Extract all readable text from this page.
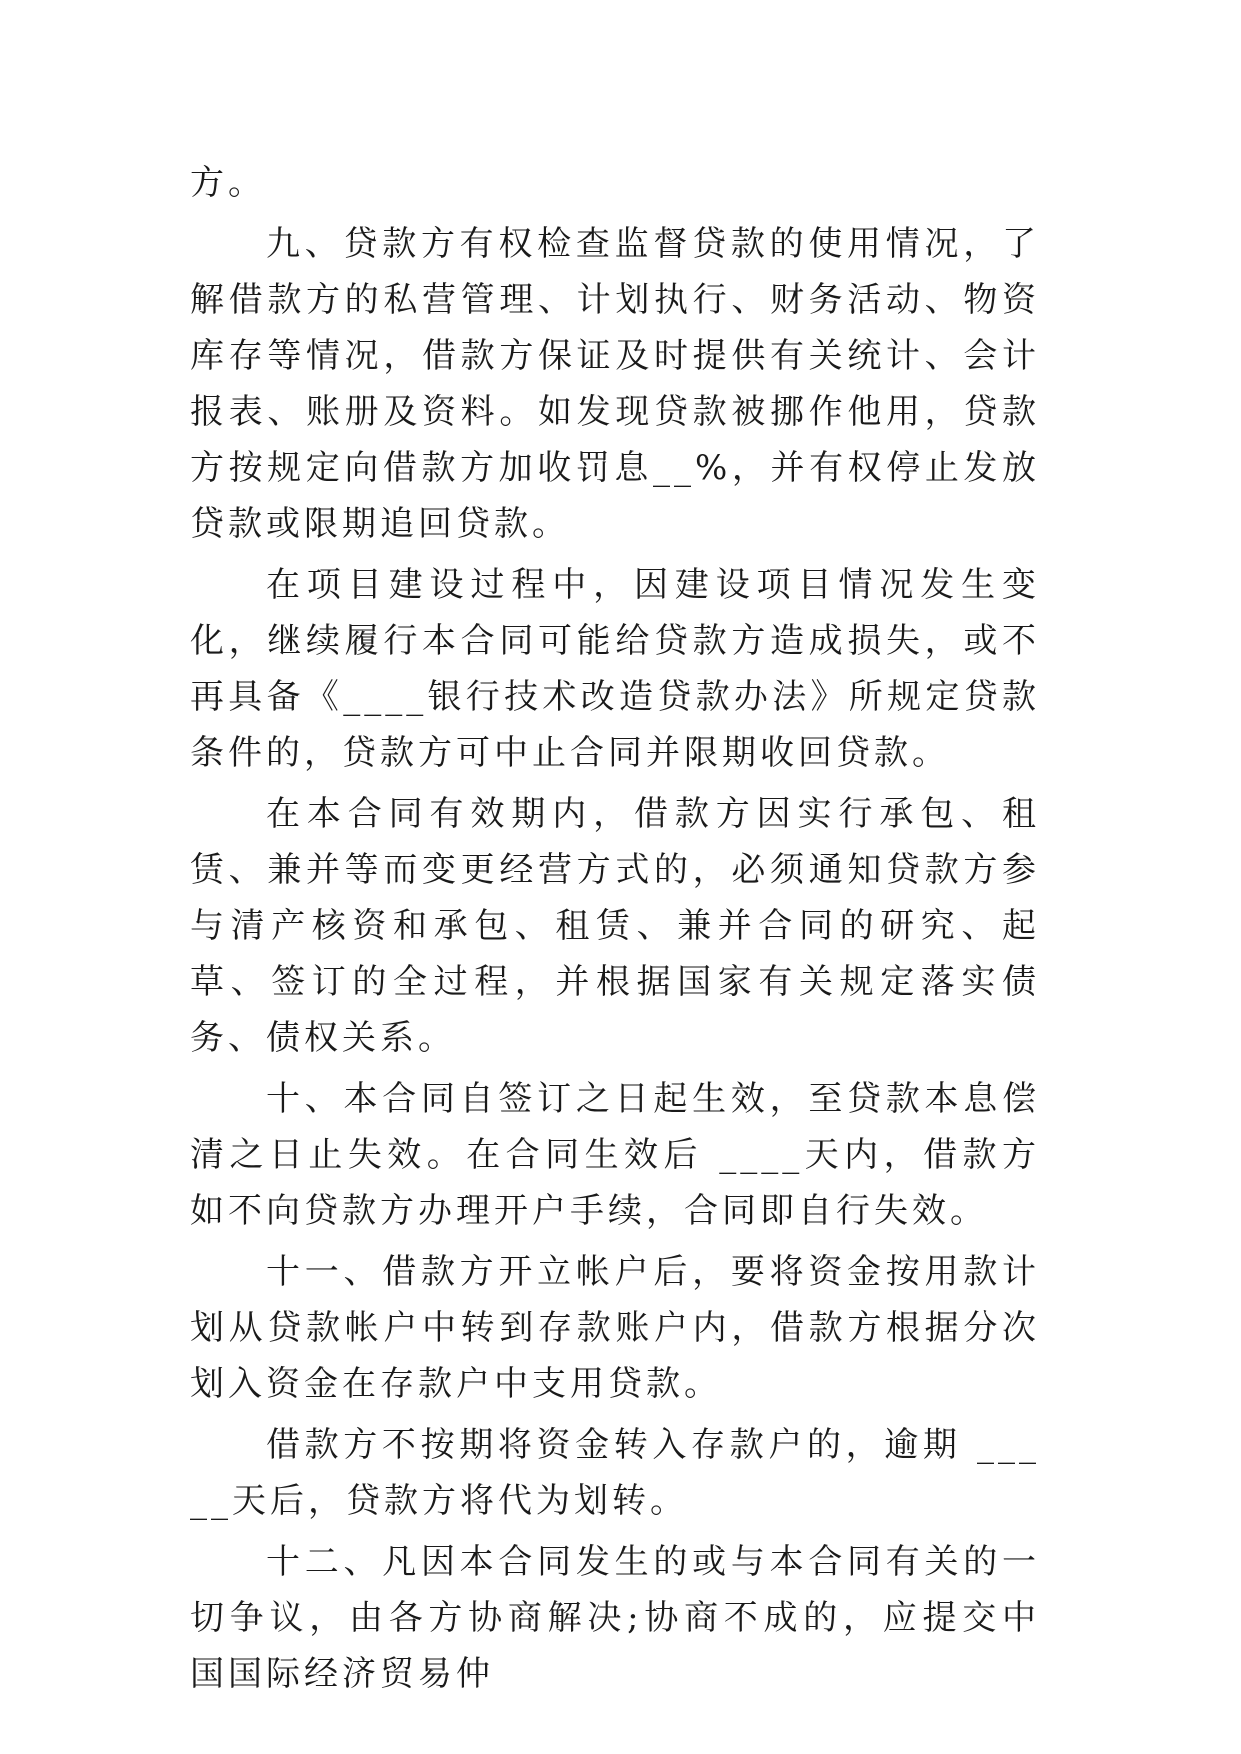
方。

九、贷款方有权检查监督贷款的使用情况，了解借款方的私营管理、计划执行、财务活动、物资库存等情况，借款方保证及时提供有关统计、会计报表、账册及资料。如发现贷款被挪作他用，贷款方按规定向借款方加收罚息__%，并有权停止发放贷款或限期追回贷款。

在项目建设过程中，因建设项目情况发生变化，继续履行本合同可能给贷款方造成损失，或不再具备《____银行技术改造贷款办法》所规定贷款条件的，贷款方可中止合同并限期收回贷款。

在本合同有效期内，借款方因实行承包、租赁、兼并等而变更经营方式的，必须通知贷款方参与清产核资和承包、租赁、兼并合同的研究、起草、签订的全过程，并根据国家有关规定落实债务、债权关系。

十、本合同自签订之日起生效，至贷款本息偿清之日止失效。在合同生效后 ____天内，借款方如不向贷款方办理开户手续，合同即自行失效。

十一、借款方开立帐户后，要将资金按用款计划从贷款帐户中转到存款账户内，借款方根据分次划入资金在存款户中支用贷款。

借款方不按期将资金转入存款户的，逾期 _____天后，贷款方将代为划转。

十二、凡因本合同发生的或与本合同有关的一切争议，由各方协商解决;协商不成的，应提交中国国际经济贸易仲
